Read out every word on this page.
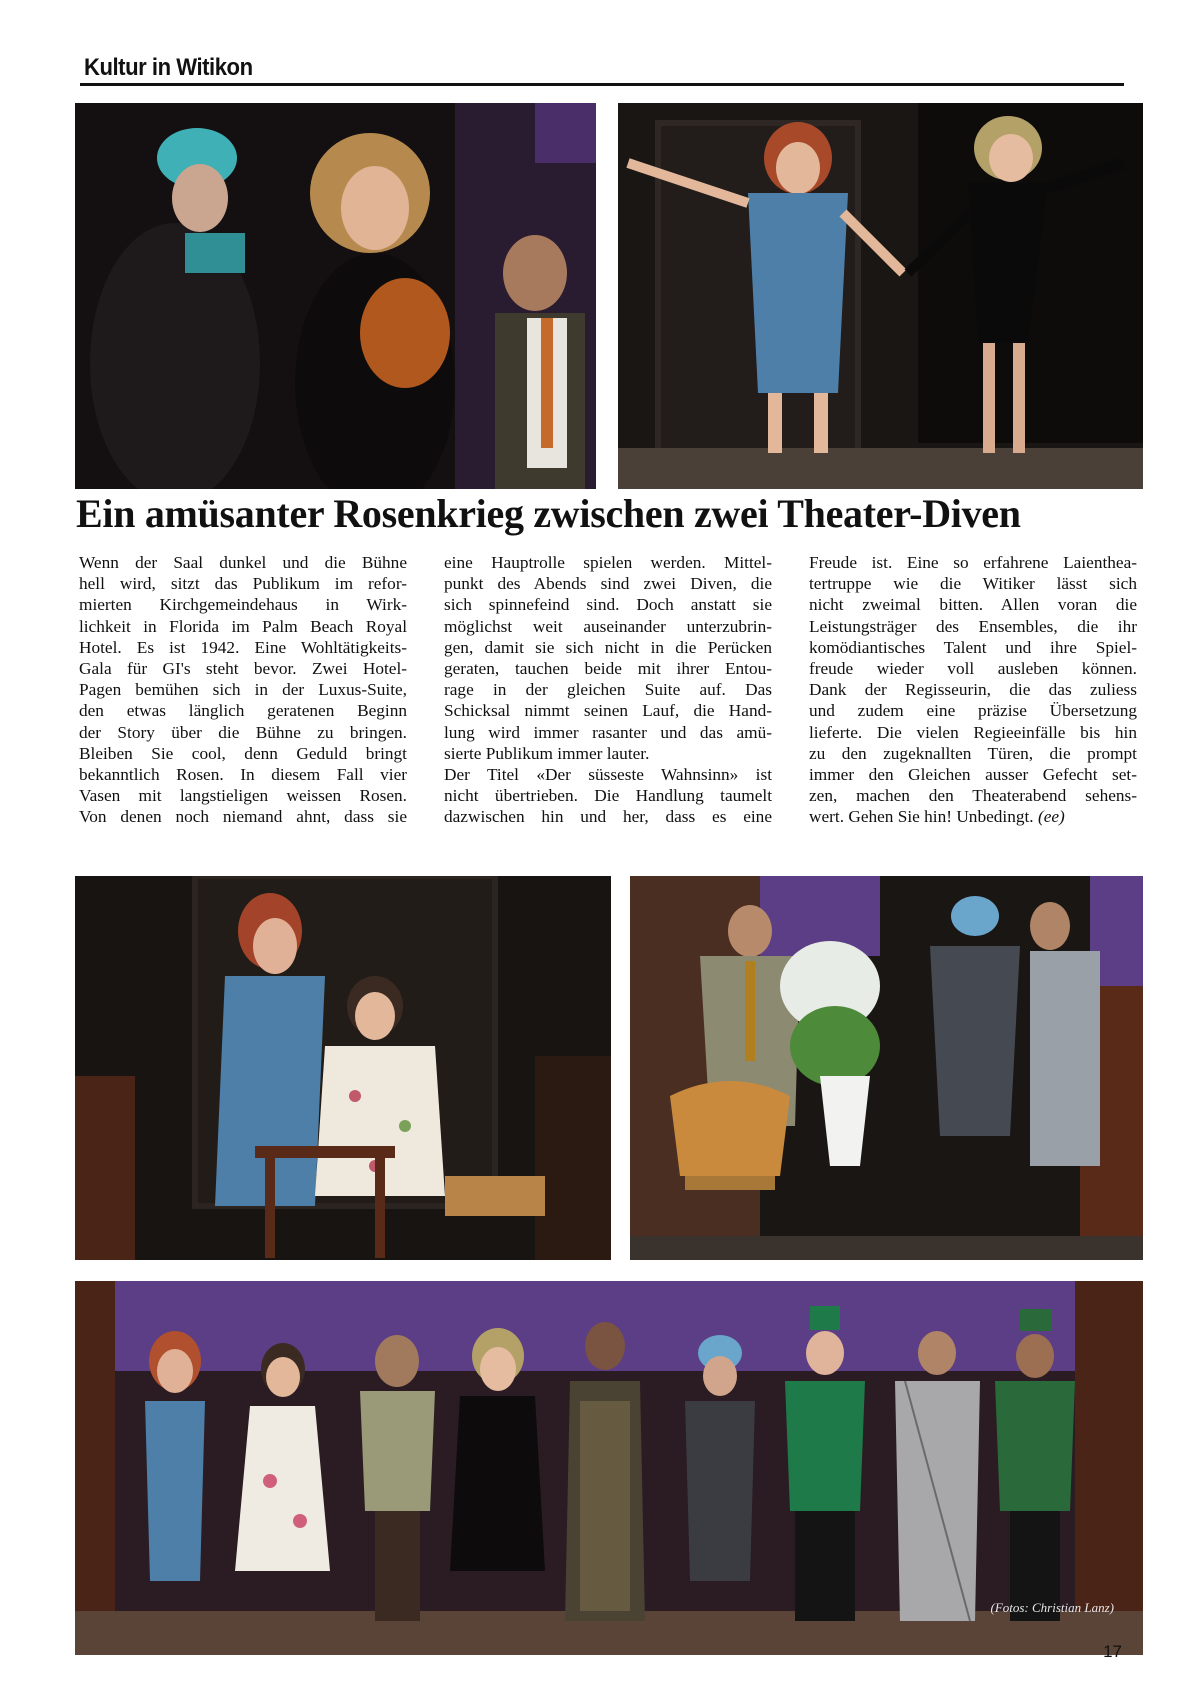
Kultur in Witikon
Ein amüsanter Rosenkrieg zwischen zwei Theater-Diven
Wenn der Saal dunkel und die Bühne
hell wird, sitzt das Publikum im refor-
mierten Kirchgemeindehaus in Wirk-
lichkeit in Florida im Palm Beach Royal
Hotel. Es ist 1942. Eine Wohltätigkeits-
Gala für GI's steht bevor. Zwei Hotel-
Pagen bemühen sich in der Luxus-Suite,
den etwas länglich geratenen Beginn
der Story über die Bühne zu bringen.
Bleiben Sie cool, denn Geduld bringt
bekanntlich Rosen. In diesem Fall vier
Vasen mit langstieligen weissen Rosen.
Von denen noch niemand ahnt, dass sie
eine Hauptrolle spielen werden. Mittel-
punkt des Abends sind zwei Diven, die
sich spinnefeind sind. Doch anstatt sie
möglichst weit auseinander unterzubrin-
gen, damit sie sich nicht in die Perücken
geraten, tauchen beide mit ihrer Entou-
rage in der gleichen Suite auf. Das
Schicksal nimmt seinen Lauf, die Hand-
lung wird immer rasanter und das amü-
sierte Publikum immer lauter.
Der Titel «Der süsseste Wahnsinn» ist
nicht übertrieben. Die Handlung taumelt
dazwischen hin und her, dass es eine
Freude ist. Eine so erfahrene Laienthea-
tertruppe wie die Witiker lässt sich
nicht zweimal bitten. Allen voran die
Leistungsträger des Ensembles, die ihr
komödiantisches Talent und ihre Spiel-
freude wieder voll ausleben können.
Dank der Regisseurin, die das zuliess
und zudem eine präzise Übersetzung
lieferte. Die vielen Regieeinfälle bis hin
zu den zugeknallten Türen, die prompt
immer den Gleichen ausser Gefecht set-
zen, machen den Theaterabend sehens-
wert. Gehen Sie hin! Unbedingt. (ee)
(Fotos: Christian Lanz)
17
